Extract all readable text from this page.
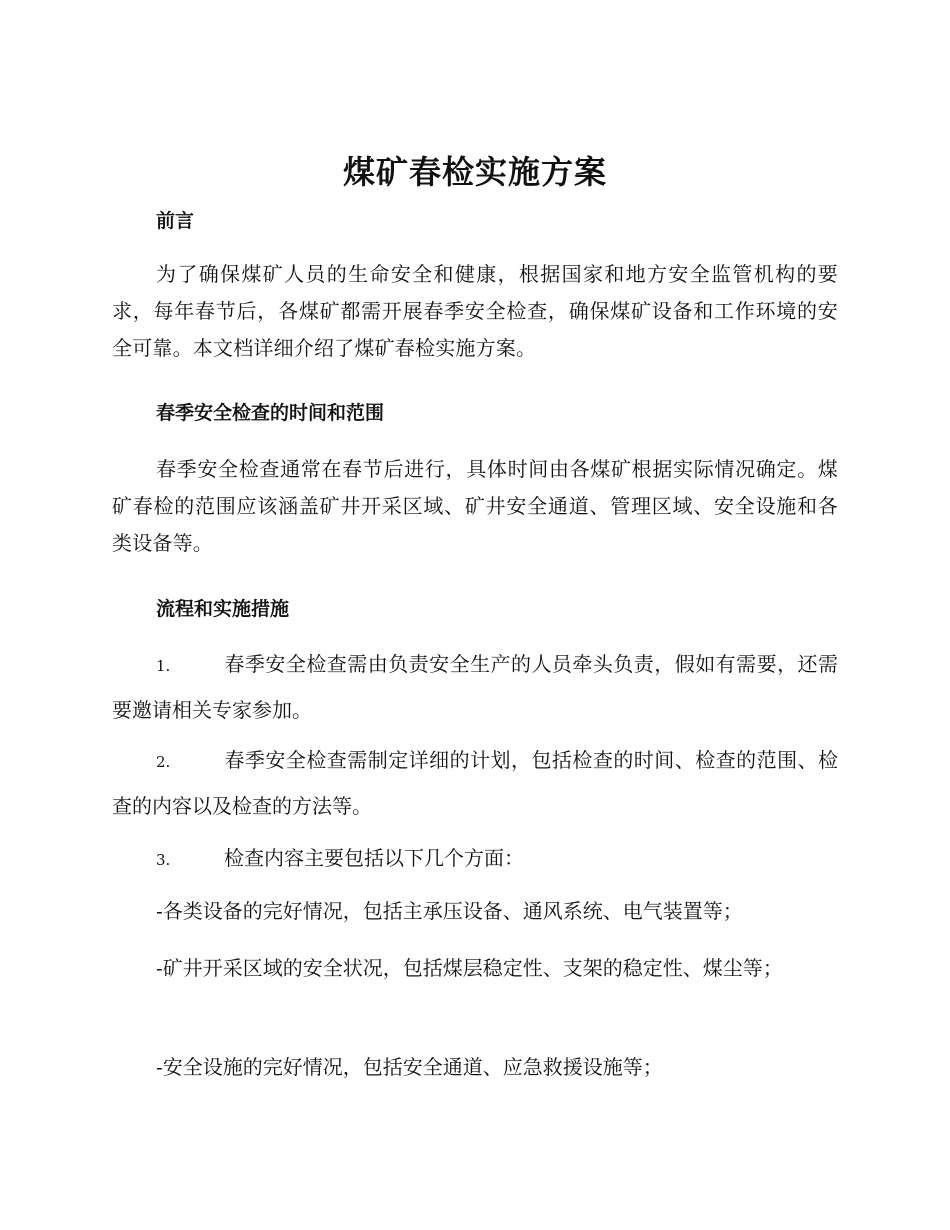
煤矿春检实施方案
前言

为了确保煤矿人员的生命安全和健康，根据国家和地方安全监管机构的要求，每年春节后，各煤矿都需开展春季安全检查，确保煤矿设备和工作环境的安全可靠。本文档详细介绍了煤矿春检实施方案。

春季安全检查的时间和范围

春季安全检查通常在春节后进行，具体时间由各煤矿根据实际情况确定。煤矿春检的范围应该涵盖矿井开采区域、矿井安全通道、管理区域、安全设施和各类设备等。

流程和实施措施

1.	春季安全检查需由负责安全生产的人员牵头负责，假如有需要，还需要邀请相关专家参加。

2.	春季安全检查需制定详细的计划，包括检查的时间、检查的范围、检查的内容以及检查的方法等。

3.	检查内容主要包括以下几个方面：

-各类设备的完好情况，包括主承压设备、通风系统、电气装置等；

-矿井开采区域的安全状况，包括煤层稳定性、支架的稳定性、煤尘等；

-安全设施的完好情况，包括安全通道、应急救援设施等；
